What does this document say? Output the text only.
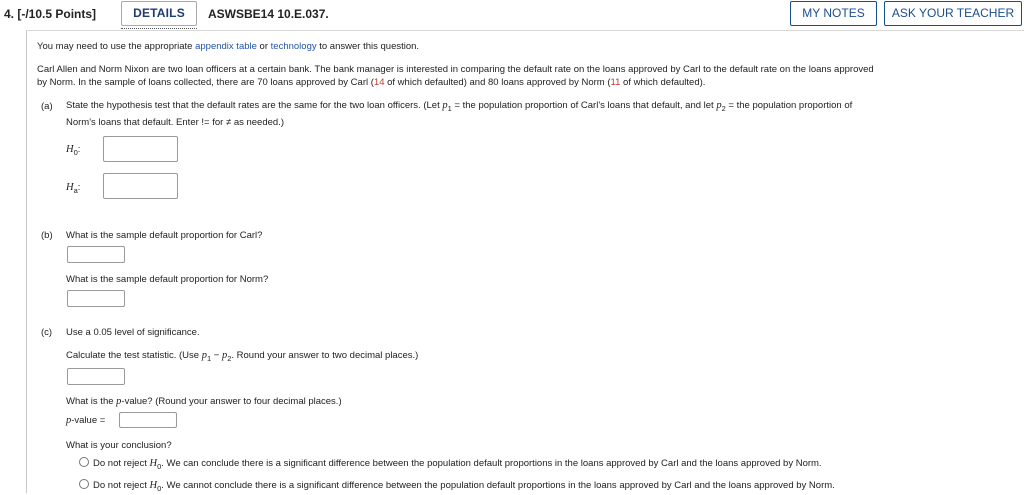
4. [-/10.5 Points]	DETAILS	ASWSBE14 10.E.037.	MY NOTES	ASK YOUR TEACHER
You may need to use the appropriate appendix table or technology to answer this question.
Carl Allen and Norm Nixon are two loan officers at a certain bank. The bank manager is interested in comparing the default rate on the loans approved by Carl to the default rate on the loans approved
by Norm. In the sample of loans collected, there are 70 loans approved by Carl (14 of which defaulted) and 80 loans approved by Norm (11 of which defaulted).
(a) State the hypothesis test that the default rates are the same for the two loan officers. (Let $p_1$ = the population proportion of Carl's loans that default, and let $p_2$ = the population proportion of
Norm's loans that default. Enter != for ≠ as needed.)
$H_0$:
$H_a$:
(b) What is the sample default proportion for Carl?
What is the sample default proportion for Norm?
(c) Use a 0.05 level of significance.
Calculate the test statistic. (Use $p_1 - p_2$. Round your answer to two decimal places.)
What is the p-value? (Round your answer to four decimal places.)
p-value =
What is your conclusion?
Do not reject $H_0$. We can conclude there is a significant difference between the population default proportions in the loans approved by Carl and the loans approved by Norm.
Do not reject $H_0$. We cannot conclude there is a significant difference between the population default proportions in the loans approved by Carl and the loans approved by Norm.
